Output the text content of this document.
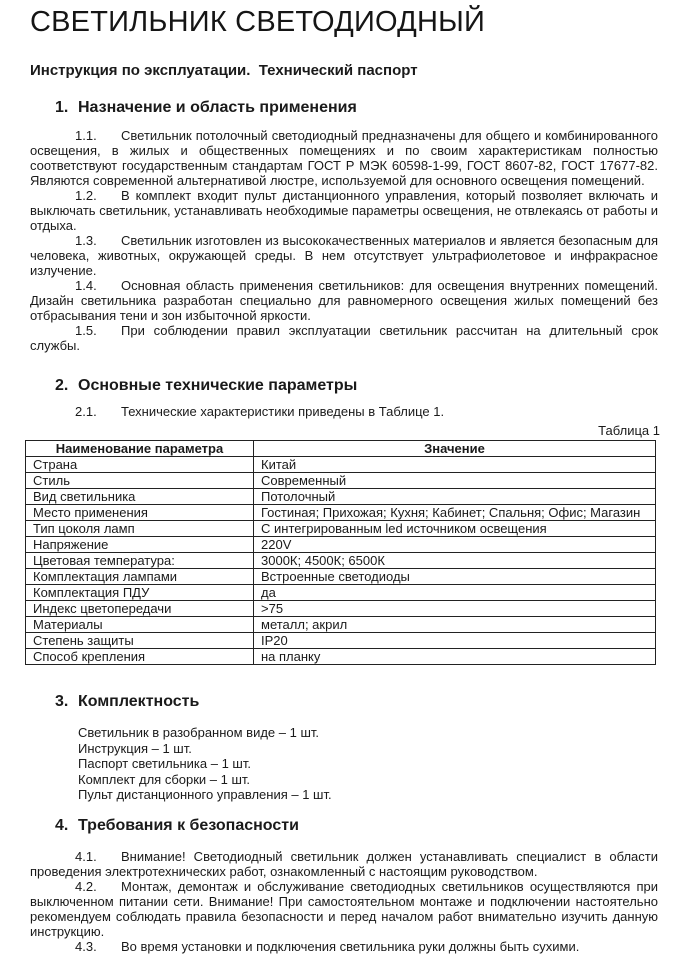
СВЕТИЛЬНИК СВЕТОДИОДНЫЙ
Инструкция по эксплуатации.  Технический паспорт
1. Назначение и область применения

1.1. Светильник потолочный светодиодный предназначены для общего и комбинированного освещения, в жилых и общественных помещениях и по своим характеристикам полностью соответствуют государственным стандартам ГОСТ Р МЭК 60598-1-99, ГОСТ 8607-82, ГОСТ 17677-82. Являются современной альтернативой люстре, используемой для основного освещения помещений.

1.2. В комплект входит пульт дистанционного управления, который позволяет включать и выключать светильник, устанавливать необходимые параметры освещения, не отвлекаясь от работы и отдыха.

1.3. Светильник изготовлен из высококачественных материалов и является безопасным для человека, животных, окружающей среды. В нем отсутствует ультрафиолетовое и инфракрасное излучение.

1.4. Основная область применения светильников: для освещения внутренних помещений. Дизайн светильника разработан специально для равномерного освещения жилых помещений без отбрасывания тени и зон избыточной яркости.

1.5. При соблюдении правил эксплуатации светильник рассчитан на длительный срок службы.

2. Основные технические параметры

2.1. Технические характеристики приведены в Таблице 1.

Таблица 1
Наименование параметра	Значение
Страна	Китай
Стиль	Современный
Вид светильника	Потолочный
Место применения	Гостиная; Прихожая; Кухня; Кабинет; Спальня; Офис; Магазин
Тип цоколя ламп	С интегрированным led источником освещения
Напряжение	220V
Цветовая температура:	3000К; 4500К; 6500К
Комплектация лампами	Встроенные светодиоды
Комплектация ПДУ	да
Индекс цветопередачи	>75
Материалы	металл; акрил
Степень защиты	IP20
Способ крепления	на планку
3. Комплектность
Светильник в разобранном виде – 1 шт.
Инструкция – 1 шт.
Паспорт светильника – 1 шт.
Комплект для сборки – 1 шт.
Пульт дистанционного управления – 1 шт.
4. Требования к безопасности

4.1. Внимание! Светодиодный светильник должен устанавливать специалист в области проведения электротехнических работ, ознакомленный с настоящим руководством.

4.2. Монтаж, демонтаж и обслуживание светодиодных светильников осуществляются при выключенном питании сети. Внимание! При самостоятельном монтаже и подключении настоятельно рекомендуем соблюдать правила безопасности и перед началом работ внимательно изучить данную инструкцию.

4.3. Во время установки и подключения светильника руки должны быть сухими.
